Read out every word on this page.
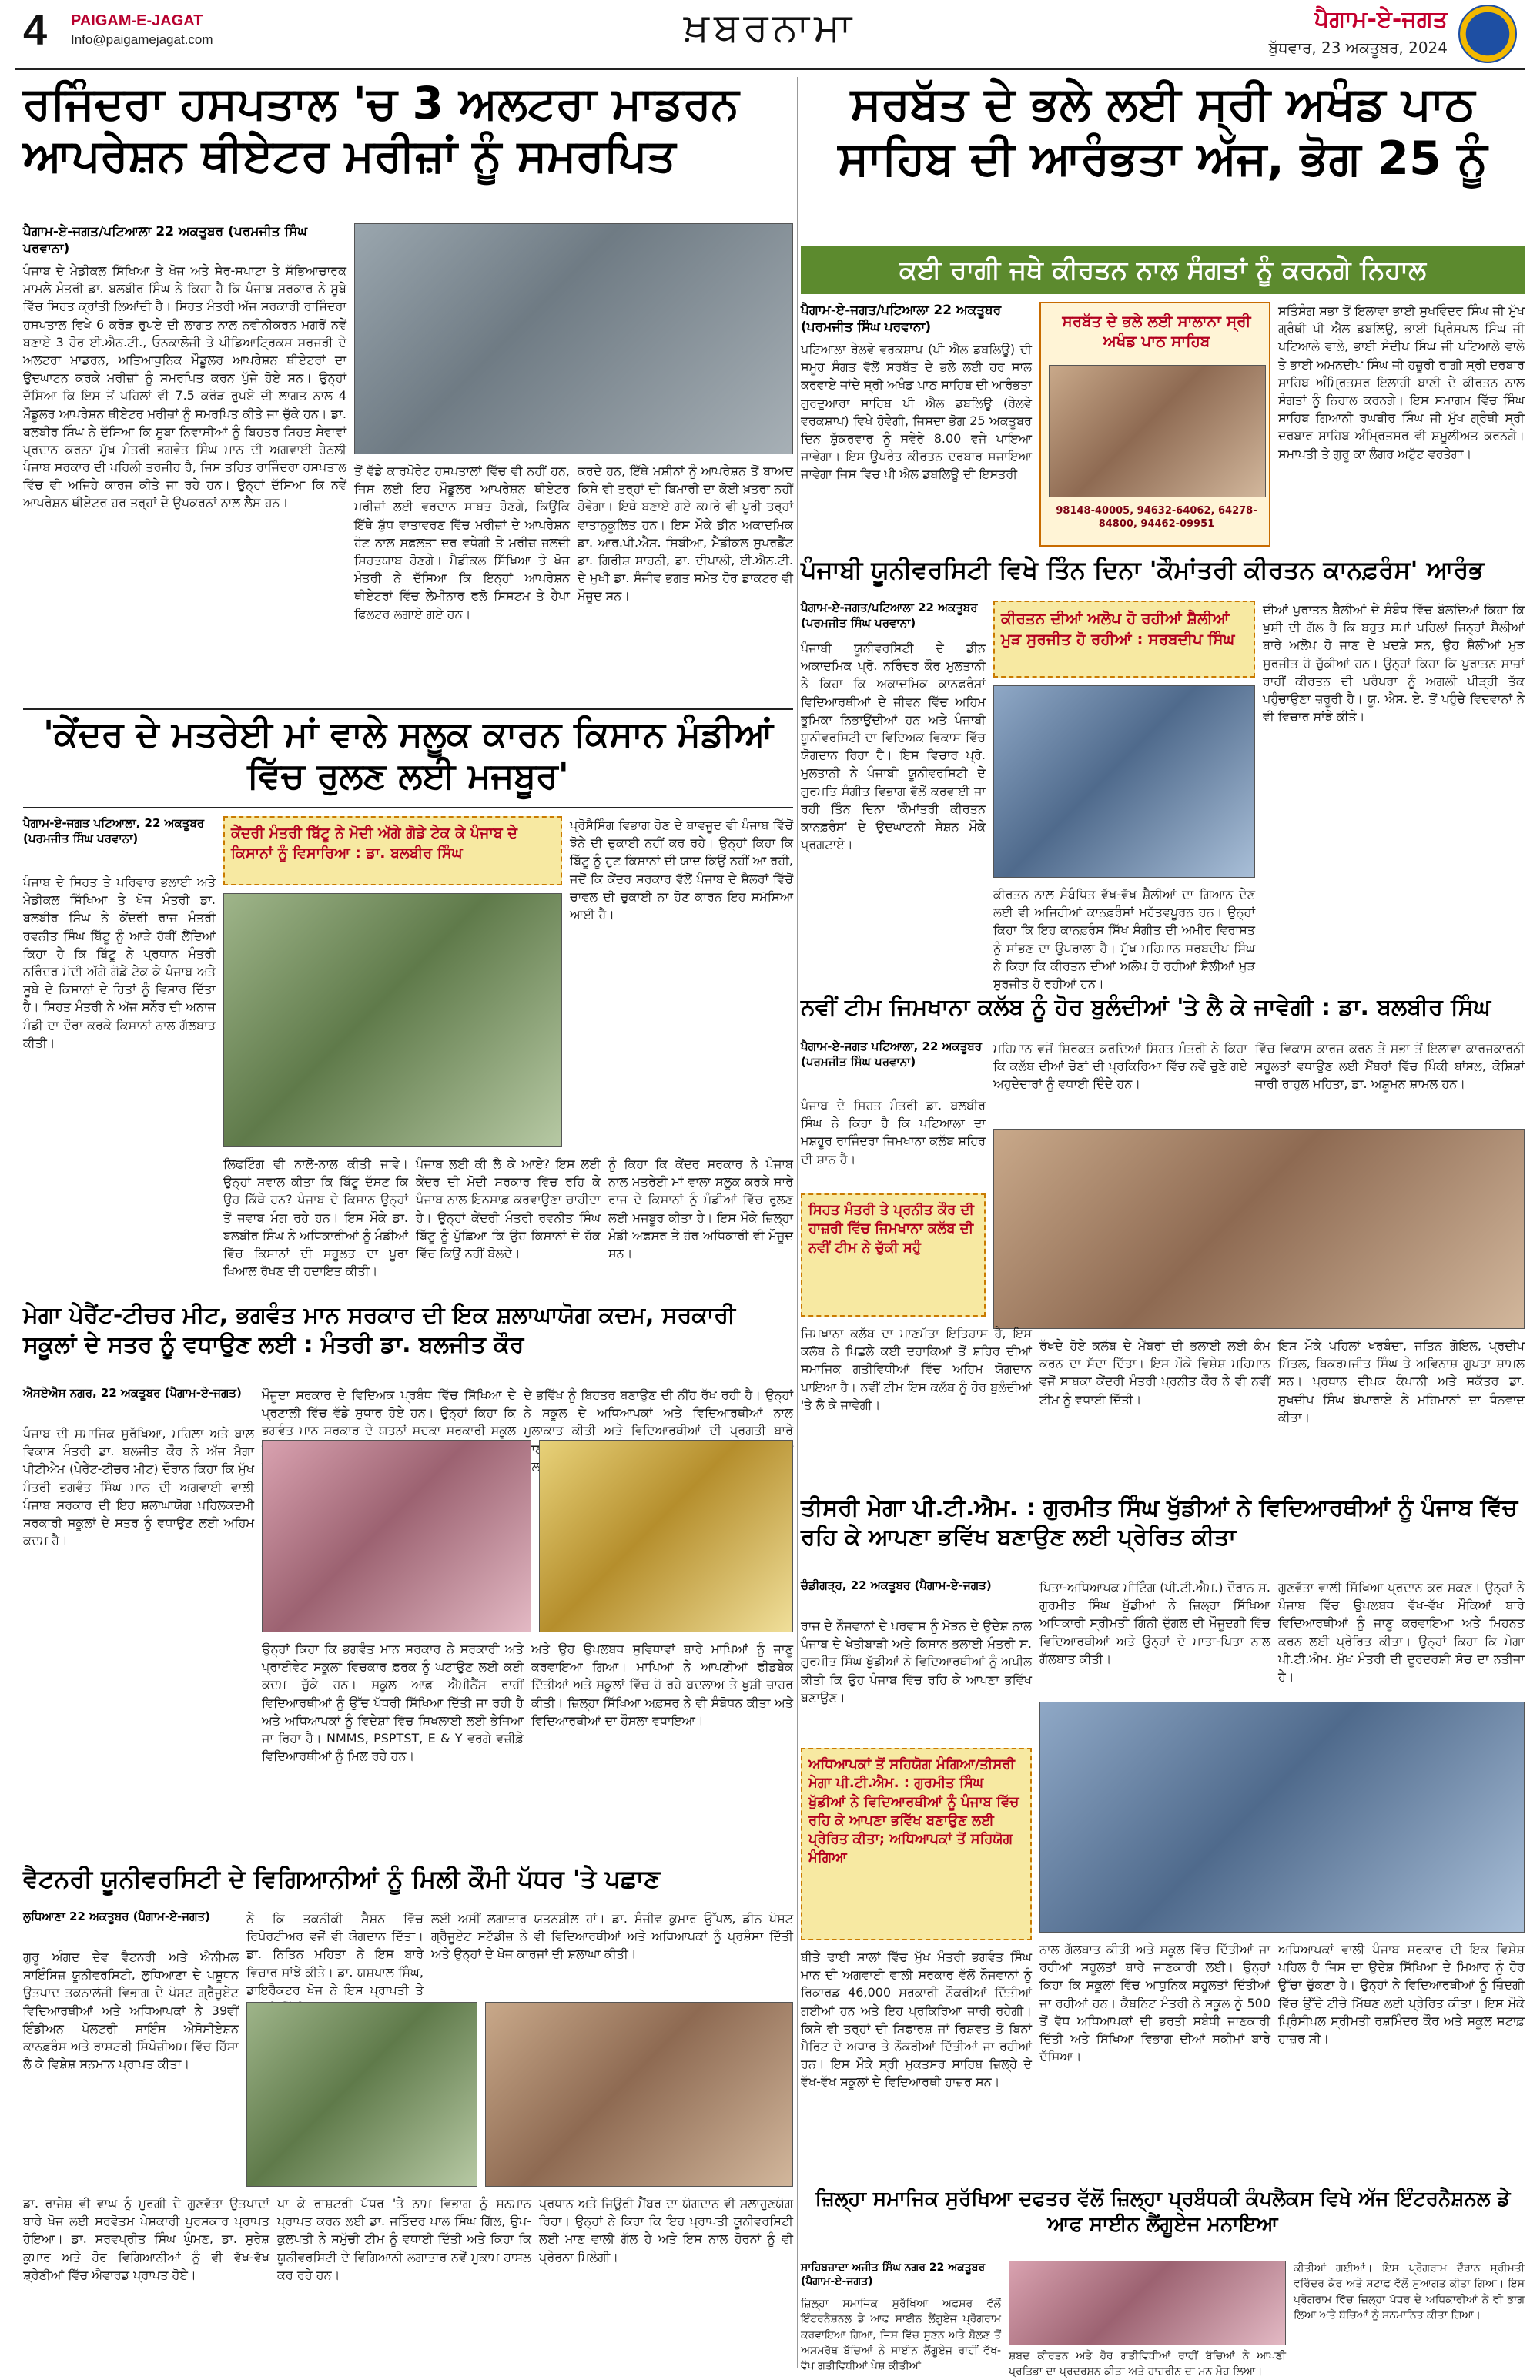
4	PAIGAM-E-JAGAT
Info@paigamejagat.com	ਖ਼ਬਰਨਾਮਾ	ਪੈਗਾਮ-ਏ-ਜਗਤ
ਬੁੱਧਵਾਰ, 23 ਅਕਤੂਬਰ, 2024
ਰਜਿੰਦਰਾ ਹਸਪਤਾਲ 'ਚ 3 ਅਲਟਰਾ ਮਾਡਰਨ ਆਪਰੇਸ਼ਨ ਥੀਏਟਰ ਮਰੀਜ਼ਾਂ ਨੂੰ ਸਮਰਪਿਤ
ਪੈਗਾਮ-ਏ-ਜਗਤ/ਪਟਿਆਲਾ 22 ਅਕਤੂਬਰ (ਪਰਮਜੀਤ ਸਿੰਘ ਪਰਵਾਨਾ)
ਪੰਜਾਬ ਦੇ ਮੈਡੀਕਲ ਸਿੱਖਿਆ ਤੇ ਖੋਜ ਅਤੇ ਸੈਰ-ਸਪਾਟਾ ਤੇ ਸੱਭਿਆਚਾਰਕ ਮਾਮਲੇ ਮੰਤਰੀ ਡਾ. ਬਲਬੀਰ ਸਿੰਘ ਨੇ ਕਿਹਾ ਹੈ ਕਿ ਪੰਜਾਬ ਸਰਕਾਰ ਨੇ ਸੂਬੇ ਵਿੱਚ ਸਿਹਤ ਕ੍ਰਾਂਤੀ ਲਿਆਂਦੀ ਹੈ। ਸਿਹਤ ਮੰਤਰੀ ਅੱਜ ਸਰਕਾਰੀ ਰਾਜਿੰਦਰਾ ਹਸਪਤਾਲ ਵਿਖੇ 6 ਕਰੋੜ ਰੁਪਏ ਦੀ ਲਾਗਤ ਨਾਲ ਨਵੀਨੀਕਰਨ ਮਗਰੋਂ ਨਵੇਂ ਬਣਾਏ 3 ਹੋਰ ਈ.ਐਨ.ਟੀ., ਓਨਕਾਲੋਜੀ ਤੇ ਪੀਡਿਆਟ੍ਰਿਕਸ ਸਰਜਰੀ ਦੇ ਅਲਟਰਾ ਮਾਡਰਨ, ਅਤਿਆਧੁਨਿਕ ਮੌਡੂਲਰ ਆਪਰੇਸ਼ਨ ਥੀਏਟਰਾਂ ਦਾ ਉਦਘਾਟਨ ਕਰਕੇ ਮਰੀਜ਼ਾਂ ਨੂੰ ਸਮਰਪਿਤ ਕਰਨ ਪੁੱਜੇ ਹੋਏ ਸਨ। ਉਨ੍ਹਾਂ ਦੱਸਿਆ ਕਿ ਇਸ ਤੋਂ ਪਹਿਲਾਂ ਵੀ 7.5 ਕਰੋੜ ਰੁਪਏ ਦੀ ਲਾਗਤ ਨਾਲ 4 ਮੌਡੂਲਰ ਆਪਰੇਸ਼ਨ ਥੀਏਟਰ ਮਰੀਜ਼ਾਂ ਨੂੰ ਸਮਰਪਿਤ ਕੀਤੇ ਜਾ ਚੁੱਕੇ ਹਨ। ਡਾ. ਬਲਬੀਰ ਸਿੰਘ ਨੇ ਦੱਸਿਆ ਕਿ ਸੂਬਾ ਨਿਵਾਸੀਆਂ ਨੂੰ ਬਿਹਤਰ ਸਿਹਤ ਸੇਵਾਵਾਂ ਪ੍ਰਦਾਨ ਕਰਨਾ ਮੁੱਖ ਮੰਤਰੀ ਭਗਵੰਤ ਸਿੰਘ ਮਾਨ ਦੀ ਅਗਵਾਈ ਹੇਠਲੀ ਪੰਜਾਬ ਸਰਕਾਰ ਦੀ ਪਹਿਲੀ ਤਰਜੀਹ ਹੈ, ਜਿਸ ਤਹਿਤ ਰਾਜਿੰਦਰਾ ਹਸਪਤਾਲ ਵਿੱਚ ਵੀ ਅਜਿਹੇ ਕਾਰਜ ਕੀਤੇ ਜਾ ਰਹੇ ਹਨ। ਉਨ੍ਹਾਂ ਦੱਸਿਆ ਕਿ ਨਵੇਂ ਆਪਰੇਸ਼ਨ ਥੀਏਟਰ ਹਰ ਤਰ੍ਹਾਂ ਦੇ ਉਪਕਰਨਾਂ ਨਾਲ ਲੈਸ ਹਨ।
ਤੋਂ ਵੱਡੇ ਕਾਰਪੋਰੇਟ ਹਸਪਤਾਲਾਂ ਵਿੱਚ ਵੀ ਨਹੀਂ ਹਨ, ਜਿਸ ਲਈ ਇਹ ਮੌਡੂਲਰ ਆਪਰੇਸ਼ਨ ਥੀਏਟਰ ਮਰੀਜ਼ਾਂ ਲਈ ਵਰਦਾਨ ਸਾਬਤ ਹੋਣਗੇ, ਕਿਉਂਕਿ ਇੱਥੇ ਸ਼ੁੱਧ ਵਾਤਾਵਰਣ ਵਿੱਚ ਮਰੀਜ਼ਾਂ ਦੇ ਆਪਰੇਸ਼ਨ ਹੋਣ ਨਾਲ ਸਫ਼ਲਤਾ ਦਰ ਵਧੇਗੀ ਤੇ ਮਰੀਜ਼ ਜਲਦੀ ਸਿਹਤਯਾਬ ਹੋਣਗੇ। ਮੈਡੀਕਲ ਸਿੱਖਿਆ ਤੇ ਖੋਜ ਮੰਤਰੀ ਨੇ ਦੱਸਿਆ ਕਿ ਇਨ੍ਹਾਂ ਆਪਰੇਸ਼ਨ ਥੀਏਟਰਾਂ ਵਿੱਚ ਲੈਮੀਨਾਰ ਫਲੋ ਸਿਸਟਮ ਤੇ ਹੈਪਾ ਫਿਲਟਰ ਲਗਾਏ ਗਏ ਹਨ।
ਕਰਦੇ ਹਨ, ਇੱਥੇ ਮਸ਼ੀਨਾਂ ਨੂੰ ਆਪਰੇਸ਼ਨ ਤੋਂ ਬਾਅਦ ਕਿਸੇ ਵੀ ਤਰ੍ਹਾਂ ਦੀ ਬਿਮਾਰੀ ਦਾ ਕੋਈ ਖ਼ਤਰਾ ਨਹੀਂ ਹੋਵੇਗਾ। ਇਥੇ ਬਣਾਏ ਗਏ ਕਮਰੇ ਵੀ ਪੂਰੀ ਤਰ੍ਹਾਂ ਵਾਤਾਨੁਕੂਲਿਤ ਹਨ। ਇਸ ਮੌਕੇ ਡੀਨ ਅਕਾਦਮਿਕ ਡਾ. ਆਰ.ਪੀ.ਐਸ. ਸਿਬੀਆ, ਮੈਡੀਕਲ ਸੁਪਰਡੈਂਟ ਡਾ. ਗਿਰੀਸ਼ ਸਾਹਨੀ, ਡਾ. ਦੀਪਾਲੀ, ਈ.ਐਨ.ਟੀ. ਦੇ ਮੁਖੀ ਡਾ. ਸੰਜੀਵ ਭਗਤ ਸਮੇਤ ਹੋਰ ਡਾਕਟਰ ਵੀ ਮੌਜੂਦ ਸਨ।
ਸਰਬੱਤ ਦੇ ਭਲੇ ਲਈ ਸ੍ਰੀ ਅਖੰਡ ਪਾਠ ਸਾਹਿਬ ਦੀ ਆਰੰਭਤਾ ਅੱਜ, ਭੋਗ 25 ਨੂੰ
ਕਈ ਰਾਗੀ ਜਥੇ ਕੀਰਤਨ ਨਾਲ ਸੰਗਤਾਂ ਨੂੰ ਕਰਨਗੇ ਨਿਹਾਲ
ਪੈਗਾਮ-ਏ-ਜਗਤ/ਪਟਿਆਲਾ 22 ਅਕਤੂਬਰ (ਪਰਮਜੀਤ ਸਿੰਘ ਪਰਵਾਨਾ)
ਪਟਿਆਲਾ ਰੇਲਵੇ ਵਰਕਸ਼ਾਪ (ਪੀ ਐਲ ਡਬਲਿਊ) ਦੀ ਸਮੂਹ ਸੰਗਤ ਵੱਲੋਂ ਸਰਬੱਤ ਦੇ ਭਲੇ ਲਈ ਹਰ ਸਾਲ ਕਰਵਾਏ ਜਾਂਦੇ ਸ੍ਰੀ ਅਖੰਡ ਪਾਠ ਸਾਹਿਬ ਦੀ ਆਰੰਭਤਾ ਗੁਰਦੁਆਰਾ ਸਾਹਿਬ ਪੀ ਐਲ ਡਬਲਿਊ (ਰੇਲਵੇ ਵਰਕਸ਼ਾਪ) ਵਿਖੇ ਹੋਵੇਗੀ, ਜਿਸਦਾ ਭੋਗ 25 ਅਕਤੂਬਰ ਦਿਨ ਸ਼ੁੱਕਰਵਾਰ ਨੂੰ ਸਵੇਰੇ 8.00 ਵਜੇ ਪਾਇਆ ਜਾਵੇਗਾ। ਇਸ ਉਪਰੰਤ ਕੀਰਤਨ ਦਰਬਾਰ ਸਜਾਇਆ ਜਾਵੇਗਾ ਜਿਸ ਵਿਚ ਪੀ ਐਲ ਡਬਲਿਊ ਦੀ ਇਸਤਰੀ
ਸਰਬੱਤ ਦੇ ਭਲੇ ਲਈ ਸਾਲਾਨਾ ਸ੍ਰੀ ਅਖੰਡ ਪਾਠ ਸਾਹਿਬ
98148-40005, 94632-64062, 64278-84800, 94462-09951
ਸਤਿੰਸੰਗ ਸਭਾ ਤੋਂ ਇਲਾਵਾ ਭਾਈ ਸੁਖਵਿੰਦਰ ਸਿੰਘ ਜੀ ਮੁੱਖ ਗ੍ਰੰਥੀ ਪੀ ਐਲ ਡਬਲਿਊ, ਭਾਈ ਪ੍ਰਿੰਸਪਲ ਸਿੰਘ ਜੀ ਪਟਿਆਲੇ ਵਾਲੇ, ਭਾਈ ਸੰਦੀਪ ਸਿੰਘ ਜੀ ਪਟਿਆਲੇ ਵਾਲੇ ਤੇ ਭਾਈ ਅਮਨਦੀਪ ਸਿੰਘ ਜੀ ਹਜ਼ੂਰੀ ਰਾਗੀ ਸ੍ਰੀ ਦਰਬਾਰ ਸਾਹਿਬ ਅੰਮ੍ਰਿਤਸਰ ਇਲਾਹੀ ਬਾਣੀ ਦੇ ਕੀਰਤਨ ਨਾਲ ਸੰਗਤਾਂ ਨੂੰ ਨਿਹਾਲ ਕਰਨਗੇ। ਇਸ ਸਮਾਗਮ ਵਿੱਚ ਸਿੰਘ ਸਾਹਿਬ ਗਿਆਨੀ ਰਘਬੀਰ ਸਿੰਘ ਜੀ ਮੁੱਖ ਗ੍ਰੰਥੀ ਸ੍ਰੀ ਦਰਬਾਰ ਸਾਹਿਬ ਅੰਮ੍ਰਿਤਸਰ ਵੀ ਸ਼ਮੂਲੀਅਤ ਕਰਨਗੇ। ਸਮਾਪਤੀ ਤੇ ਗੁਰੂ ਕਾ ਲੰਗਰ ਅਟੁੱਟ ਵਰਤੇਗਾ।
ਪੰਜਾਬੀ ਯੂਨੀਵਰਸਿਟੀ ਵਿਖੇ ਤਿੰਨ ਦਿਨਾ 'ਕੌਮਾਂਤਰੀ ਕੀਰਤਨ ਕਾਨਫ਼ਰੰਸ' ਆਰੰਭ
ਪੈਗਾਮ-ਏ-ਜਗਤ/ਪਟਿਆਲਾ 22 ਅਕਤੂਬਰ (ਪਰਮਜੀਤ ਸਿੰਘ ਪਰਵਾਨਾ)
ਪੰਜਾਬੀ ਯੂਨੀਵਰਸਿਟੀ ਦੇ ਡੀਨ ਅਕਾਦਮਿਕ ਪ੍ਰੋ. ਨਰਿੰਦਰ ਕੌਰ ਮੁਲਤਾਨੀ ਨੇ ਕਿਹਾ ਕਿ ਅਕਾਦਮਿਕ ਕਾਨਫ਼ਰੰਸਾਂ ਵਿਦਿਆਰਥੀਆਂ ਦੇ ਜੀਵਨ ਵਿੱਚ ਅਹਿਮ ਭੂਮਿਕਾ ਨਿਭਾਉਂਦੀਆਂ ਹਨ ਅਤੇ ਪੰਜਾਬੀ ਯੂਨੀਵਰਸਿਟੀ ਦਾ ਵਿਦਿਅਕ ਵਿਕਾਸ ਵਿੱਚ ਯੋਗਦਾਨ ਰਿਹਾ ਹੈ। ਇਸ ਵਿਚਾਰ ਪ੍ਰੋ. ਮੁਲਤਾਨੀ ਨੇ ਪੰਜਾਬੀ ਯੂਨੀਵਰਸਿਟੀ ਦੇ ਗੁਰਮਤਿ ਸੰਗੀਤ ਵਿਭਾਗ ਵੱਲੋਂ ਕਰਵਾਈ ਜਾ ਰਹੀ ਤਿੰਨ ਦਿਨਾ 'ਕੌਮਾਂਤਰੀ ਕੀਰਤਨ ਕਾਨਫ਼ਰੰਸ' ਦੇ ਉਦਘਾਟਨੀ ਸੈਸ਼ਨ ਮੌਕੇ ਪ੍ਰਗਟਾਏ।
ਕੀਰਤਨ ਦੀਆਂ ਅਲੋਪ ਹੋ ਰਹੀਆਂ ਸ਼ੈਲੀਆਂ ਮੁੜ ਸੁਰਜੀਤ ਹੋ ਰਹੀਆਂ : ਸਰਬਦੀਪ ਸਿੰਘ
ਕੀਰਤਨ ਨਾਲ ਸੰਬੰਧਿਤ ਵੱਖ-ਵੱਖ ਸ਼ੈਲੀਆਂ ਦਾ ਗਿਆਨ ਦੇਣ ਲਈ ਵੀ ਅਜਿਹੀਆਂ ਕਾਨਫ਼ਰੰਸਾਂ ਮਹੱਤਵਪੂਰਨ ਹਨ। ਉਨ੍ਹਾਂ ਕਿਹਾ ਕਿ ਇਹ ਕਾਨਫ਼ਰੰਸ ਸਿੱਖ ਸੰਗੀਤ ਦੀ ਅਮੀਰ ਵਿਰਾਸਤ ਨੂੰ ਸਾਂਭਣ ਦਾ ਉਪਰਾਲਾ ਹੈ। ਮੁੱਖ ਮਹਿਮਾਨ ਸਰਬਦੀਪ ਸਿੰਘ ਨੇ ਕਿਹਾ ਕਿ ਕੀਰਤਨ ਦੀਆਂ ਅਲੋਪ ਹੋ ਰਹੀਆਂ ਸ਼ੈਲੀਆਂ ਮੁੜ ਸੁਰਜੀਤ ਹੋ ਰਹੀਆਂ ਹਨ।
ਦੀਆਂ ਪੁਰਾਤਨ ਸ਼ੈਲੀਆਂ ਦੇ ਸੰਬੰਧ ਵਿੱਚ ਬੋਲਦਿਆਂ ਕਿਹਾ ਕਿ ਖ਼ੁਸ਼ੀ ਦੀ ਗੱਲ ਹੈ ਕਿ ਬਹੁਤ ਸਮਾਂ ਪਹਿਲਾਂ ਜਿਨ੍ਹਾਂ ਸ਼ੈਲੀਆਂ ਬਾਰੇ ਅਲੋਪ ਹੋ ਜਾਣ ਦੇ ਖ਼ਦਸ਼ੇ ਸਨ, ਉਹ ਸ਼ੈਲੀਆਂ ਮੁੜ ਸੁਰਜੀਤ ਹੋ ਚੁੱਕੀਆਂ ਹਨ। ਉਨ੍ਹਾਂ ਕਿਹਾ ਕਿ ਪੁਰਾਤਨ ਸਾਜ਼ਾਂ ਰਾਹੀਂ ਕੀਰਤਨ ਦੀ ਪਰੰਪਰਾ ਨੂੰ ਅਗਲੀ ਪੀੜ੍ਹੀ ਤੱਕ ਪਹੁੰਚਾਉਣਾ ਜ਼ਰੂਰੀ ਹੈ। ਯੂ. ਐਸ. ਏ. ਤੋਂ ਪਹੁੰਚੇ ਵਿਦਵਾਨਾਂ ਨੇ ਵੀ ਵਿਚਾਰ ਸਾਂਝੇ ਕੀਤੇ।
'ਕੇਂਦਰ ਦੇ ਮਤਰੇਈ ਮਾਂ ਵਾਲੇ ਸਲੂਕ ਕਾਰਨ ਕਿਸਾਨ ਮੰਡੀਆਂ ਵਿੱਚ ਰੁਲਣ ਲਈ ਮਜਬੂਰ'
ਪੈਗਾਮ-ਏ-ਜਗਤ ਪਟਿਆਲਾ, 22 ਅਕਤੂਬਰ (ਪਰਮਜੀਤ ਸਿੰਘ ਪਰਵਾਨਾ)
ਪੰਜਾਬ ਦੇ ਸਿਹਤ ਤੇ ਪਰਿਵਾਰ ਭਲਾਈ ਅਤੇ ਮੈਡੀਕਲ ਸਿੱਖਿਆ ਤੇ ਖੋਜ ਮੰਤਰੀ ਡਾ. ਬਲਬੀਰ ਸਿੰਘ ਨੇ ਕੇਂਦਰੀ ਰਾਜ ਮੰਤਰੀ ਰਵਨੀਤ ਸਿੰਘ ਬਿੱਟੂ ਨੂੰ ਆੜੇ ਹੱਥੀਂ ਲੈਂਦਿਆਂ ਕਿਹਾ ਹੈ ਕਿ ਬਿੱਟੂ ਨੇ ਪ੍ਰਧਾਨ ਮੰਤਰੀ ਨਰਿੰਦਰ ਮੋਦੀ ਅੱਗੇ ਗੋਡੇ ਟੇਕ ਕੇ ਪੰਜਾਬ ਅਤੇ ਸੂਬੇ ਦੇ ਕਿਸਾਨਾਂ ਦੇ ਹਿਤਾਂ ਨੂੰ ਵਿਸਾਰ ਦਿੱਤਾ ਹੈ। ਸਿਹਤ ਮੰਤਰੀ ਨੇ ਅੱਜ ਸਨੌਰ ਦੀ ਅਨਾਜ ਮੰਡੀ ਦਾ ਦੌਰਾ ਕਰਕੇ ਕਿਸਾਨਾਂ ਨਾਲ ਗੱਲਬਾਤ ਕੀਤੀ।
ਕੇਂਦਰੀ ਮੰਤਰੀ ਬਿੱਟੂ ਨੇ ਮੋਦੀ ਅੱਗੇ ਗੋਡੇ ਟੇਕ ਕੇ ਪੰਜਾਬ ਦੇ ਕਿਸਾਨਾਂ ਨੂੰ ਵਿਸਾਰਿਆ : ਡਾ. ਬਲਬੀਰ ਸਿੰਘ
ਪ੍ਰੋਸੈਸਿੰਗ ਵਿਭਾਗ ਹੋਣ ਦੇ ਬਾਵਜੂਦ ਵੀ ਪੰਜਾਬ ਵਿੱਚੋਂ ਝੋਨੇ ਦੀ ਚੁਕਾਈ ਨਹੀਂ ਕਰ ਰਹੇ। ਉਨ੍ਹਾਂ ਕਿਹਾ ਕਿ ਬਿੱਟੂ ਨੂੰ ਹੁਣ ਕਿਸਾਨਾਂ ਦੀ ਯਾਦ ਕਿਉਂ ਨਹੀਂ ਆ ਰਹੀ, ਜਦੋਂ ਕਿ ਕੇਂਦਰ ਸਰਕਾਰ ਵੱਲੋਂ ਪੰਜਾਬ ਦੇ ਸ਼ੈਲਰਾਂ ਵਿੱਚੋਂ ਚਾਵਲ ਦੀ ਚੁਕਾਈ ਨਾ ਹੋਣ ਕਾਰਨ ਇਹ ਸਮੱਸਿਆ ਆਈ ਹੈ।
ਲਿਫਟਿੰਗ ਵੀ ਨਾਲੋ-ਨਾਲ ਕੀਤੀ ਜਾਵੇ। ਉਨ੍ਹਾਂ ਸਵਾਲ ਕੀਤਾ ਕਿ ਬਿੱਟੂ ਦੱਸਣ ਕਿ ਉਹ ਕਿੱਥੇ ਹਨ? ਪੰਜਾਬ ਦੇ ਕਿਸਾਨ ਉਨ੍ਹਾਂ ਤੋਂ ਜਵਾਬ ਮੰਗ ਰਹੇ ਹਨ। ਇਸ ਮੌਕੇ ਡਾ. ਬਲਬੀਰ ਸਿੰਘ ਨੇ ਅਧਿਕਾਰੀਆਂ ਨੂੰ ਮੰਡੀਆਂ ਵਿੱਚ ਕਿਸਾਨਾਂ ਦੀ ਸਹੂਲਤ ਦਾ ਪੂਰਾ ਖਿਆਲ ਰੱਖਣ ਦੀ ਹਦਾਇਤ ਕੀਤੀ।
ਪੰਜਾਬ ਲਈ ਕੀ ਲੈ ਕੇ ਆਏ? ਇਸ ਲਈ ਕੇਂਦਰ ਦੀ ਮੋਦੀ ਸਰਕਾਰ ਵਿੱਚ ਰਹਿ ਕੇ ਪੰਜਾਬ ਨਾਲ ਇਨਸਾਫ਼ ਕਰਵਾਉਣਾ ਚਾਹੀਦਾ ਹੈ। ਉਨ੍ਹਾਂ ਕੇਂਦਰੀ ਮੰਤਰੀ ਰਵਨੀਤ ਸਿੰਘ ਬਿੱਟੂ ਨੂੰ ਪੁੱਛਿਆ ਕਿ ਉਹ ਕਿਸਾਨਾਂ ਦੇ ਹੱਕ ਵਿੱਚ ਕਿਉਂ ਨਹੀਂ ਬੋਲਦੇ।
ਨੂੰ ਕਿਹਾ ਕਿ ਕੇਂਦਰ ਸਰਕਾਰ ਨੇ ਪੰਜਾਬ ਨਾਲ ਮਤਰੇਈ ਮਾਂ ਵਾਲਾ ਸਲੂਕ ਕਰਕੇ ਸਾਰੇ ਰਾਜ ਦੇ ਕਿਸਾਨਾਂ ਨੂੰ ਮੰਡੀਆਂ ਵਿੱਚ ਰੁਲਣ ਲਈ ਮਜਬੂਰ ਕੀਤਾ ਹੈ। ਇਸ ਮੌਕੇ ਜ਼ਿਲ੍ਹਾ ਮੰਡੀ ਅਫ਼ਸਰ ਤੇ ਹੋਰ ਅਧਿਕਾਰੀ ਵੀ ਮੌਜੂਦ ਸਨ।
ਨਵੀਂ ਟੀਮ ਜਿਮਖਾਨਾ ਕਲੱਬ ਨੂੰ ਹੋਰ ਬੁਲੰਦੀਆਂ 'ਤੇ ਲੈ ਕੇ ਜਾਵੇਗੀ : ਡਾ. ਬਲਬੀਰ ਸਿੰਘ
ਪੈਗਾਮ-ਏ-ਜਗਤ ਪਟਿਆਲਾ, 22 ਅਕਤੂਬਰ (ਪਰਮਜੀਤ ਸਿੰਘ ਪਰਵਾਨਾ)
ਪੰਜਾਬ ਦੇ ਸਿਹਤ ਮੰਤਰੀ ਡਾ. ਬਲਬੀਰ ਸਿੰਘ ਨੇ ਕਿਹਾ ਹੈ ਕਿ ਪਟਿਆਲਾ ਦਾ ਮਸ਼ਹੂਰ ਰਾਜਿੰਦਰਾ ਜਿਮਖਾਨਾ ਕਲੱਬ ਸ਼ਹਿਰ ਦੀ ਸ਼ਾਨ ਹੈ।
ਸਿਹਤ ਮੰਤਰੀ ਤੇ ਪ੍ਰਨੀਤ ਕੌਰ ਦੀ ਹਾਜ਼ਰੀ ਵਿੱਚ ਜਿਮਖਾਨਾ ਕਲੱਬ ਦੀ ਨਵੀਂ ਟੀਮ ਨੇ ਚੁੱਕੀ ਸਹੁੰ
ਮਹਿਮਾਨ ਵਜੋਂ ਸ਼ਿਰਕਤ ਕਰਦਿਆਂ ਸਿਹਤ ਮੰਤਰੀ ਨੇ ਕਿਹਾ ਕਿ ਕਲੱਬ ਦੀਆਂ ਚੋਣਾਂ ਦੀ ਪ੍ਰਕਿਰਿਆ ਵਿੱਚ ਨਵੇਂ ਚੁਣੇ ਗਏ ਅਹੁਦੇਦਾਰਾਂ ਨੂੰ ਵਧਾਈ ਦਿੰਦੇ ਹਨ।
ਵਿੱਚ ਵਿਕਾਸ ਕਾਰਜ ਕਰਨ ਤੇ ਸਭਾ ਤੋਂ ਇਲਾਵਾ ਕਾਰਜਕਾਰਨੀ ਸਹੂਲਤਾਂ ਵਧਾਉਣ ਲਈ ਮੈਂਬਰਾਂ ਵਿੱਚ ਪਿੰਕੀ ਬਾਂਸਲ, ਕੋਸ਼ਿਸ਼ਾਂ ਜਾਰੀ ਰਾਹੁਲ ਮਹਿਤਾ, ਡਾ. ਅਸ਼ੂਮਨ ਸ਼ਾਮਲ ਹਨ।
ਜਿਮਖਾਨਾ ਕਲੱਬ ਦਾ ਮਾਣਮੱਤਾ ਇਤਿਹਾਸ ਹੈ, ਇਸ ਕਲੱਬ ਨੇ ਪਿਛਲੇ ਕਈ ਦਹਾਕਿਆਂ ਤੋਂ ਸ਼ਹਿਰ ਦੀਆਂ ਸਮਾਜਿਕ ਗਤੀਵਿਧੀਆਂ ਵਿੱਚ ਅਹਿਮ ਯੋਗਦਾਨ ਪਾਇਆ ਹੈ। ਨਵੀਂ ਟੀਮ ਇਸ ਕਲੱਬ ਨੂੰ ਹੋਰ ਬੁਲੰਦੀਆਂ 'ਤੇ ਲੈ ਕੇ ਜਾਵੇਗੀ।
ਰੱਖਦੇ ਹੋਏ ਕਲੱਬ ਦੇ ਮੈਂਬਰਾਂ ਦੀ ਭਲਾਈ ਲਈ ਕੰਮ ਕਰਨ ਦਾ ਸੱਦਾ ਦਿੱਤਾ। ਇਸ ਮੌਕੇ ਵਿਸ਼ੇਸ਼ ਮਹਿਮਾਨ ਵਜੋਂ ਸਾਬਕਾ ਕੇਂਦਰੀ ਮੰਤਰੀ ਪ੍ਰਨੀਤ ਕੌਰ ਨੇ ਵੀ ਨਵੀਂ ਟੀਮ ਨੂੰ ਵਧਾਈ ਦਿੱਤੀ।
ਇਸ ਮੌਕੇ ਪਹਿਲਾਂ ਖਰਬੰਦਾ, ਜਤਿਨ ਗੋਇਲ, ਪ੍ਰਦੀਪ ਮਿੱਤਲ, ਬਿਕਰਮਜੀਤ ਸਿੰਘ ਤੇ ਅਵਿਨਾਸ਼ ਗੁਪਤਾ ਸ਼ਾਮਲ ਸਨ। ਪ੍ਰਧਾਨ ਦੀਪਕ ਕੰਪਾਨੀ ਅਤੇ ਸਕੱਤਰ ਡਾ. ਸੁਖਦੀਪ ਸਿੰਘ ਬੋਪਾਰਾਏ ਨੇ ਮਹਿਮਾਨਾਂ ਦਾ ਧੰਨਵਾਦ ਕੀਤਾ।
ਮੇਗਾ ਪੇਰੈਂਟ-ਟੀਚਰ ਮੀਟ, ਭਗਵੰਤ ਮਾਨ ਸਰਕਾਰ ਦੀ ਇਕ ਸ਼ਲਾਘਾਯੋਗ ਕਦਮ, ਸਰਕਾਰੀ ਸਕੂਲਾਂ ਦੇ ਸਤਰ ਨੂੰ ਵਧਾਉਣ ਲਈ : ਮੰਤਰੀ ਡਾ. ਬਲਜੀਤ ਕੌਰ
ਐਸਏਐਸ ਨਗਰ, 22 ਅਕਤੂਬਰ (ਪੈਗਾਮ-ਏ-ਜਗਤ)
ਪੰਜਾਬ ਦੀ ਸਮਾਜਿਕ ਸੁਰੱਖਿਆ, ਮਹਿਲਾ ਅਤੇ ਬਾਲ ਵਿਕਾਸ ਮੰਤਰੀ ਡਾ. ਬਲਜੀਤ ਕੌਰ ਨੇ ਅੱਜ ਮੈਗਾ ਪੀਟੀਐਮ (ਪੇਰੈਂਟ-ਟੀਚਰ ਮੀਟ) ਦੌਰਾਨ ਕਿਹਾ ਕਿ ਮੁੱਖ ਮੰਤਰੀ ਭਗਵੰਤ ਸਿੰਘ ਮਾਨ ਦੀ ਅਗਵਾਈ ਵਾਲੀ ਪੰਜਾਬ ਸਰਕਾਰ ਦੀ ਇਹ ਸ਼ਲਾਘਾਯੋਗ ਪਹਿਲਕਦਮੀ ਸਰਕਾਰੀ ਸਕੂਲਾਂ ਦੇ ਸਤਰ ਨੂੰ ਵਧਾਉਣ ਲਈ ਅਹਿਮ ਕਦਮ ਹੈ।
ਮੌਜੂਦਾ ਸਰਕਾਰ ਦੇ ਵਿਦਿਅਕ ਪ੍ਰਬੰਧ ਵਿੱਚ ਸਿੱਖਿਆ ਦੇ ਪ੍ਰਣਾਲੀ ਵਿੱਚ ਵੱਡੇ ਸੁਧਾਰ ਹੋਏ ਹਨ। ਉਨ੍ਹਾਂ ਕਿਹਾ ਕਿ ਭਗਵੰਤ ਮਾਨ ਸਰਕਾਰ ਦੇ ਯਤਨਾਂ ਸਦਕਾ ਸਰਕਾਰੀ ਸਕੂਲ
ਦੇ ਭਵਿੱਖ ਨੂੰ ਬਿਹਤਰ ਬਣਾਉਣ ਦੀ ਨੀਂਹ ਰੱਖ ਰਹੀ ਹੈ। ਉਨ੍ਹਾਂ ਨੇ ਸਕੂਲ ਦੇ ਅਧਿਆਪਕਾਂ ਅਤੇ ਵਿਦਿਆਰਥੀਆਂ ਨਾਲ ਮੁਲਾਕਾਤ ਕੀਤੀ ਅਤੇ ਵਿਦਿਆਰਥੀਆਂ ਦੀ ਪ੍ਰਗਤੀ ਬਾਰੇ
ਉਨ੍ਹਾਂ ਕਿਹਾ ਕਿ ਭਗਵੰਤ ਮਾਨ ਸਰਕਾਰ ਨੇ ਸਰਕਾਰੀ ਅਤੇ ਪ੍ਰਾਈਵੇਟ ਸਕੂਲਾਂ ਵਿਚਕਾਰ ਫ਼ਰਕ ਨੂੰ ਘਟਾਉਣ ਲਈ ਕਈ ਕਦਮ ਚੁੱਕੇ ਹਨ। ਸਕੂਲ ਆਫ਼ ਐਮੀਨੈਂਸ ਰਾਹੀਂ ਵਿਦਿਆਰਥੀਆਂ ਨੂੰ ਉੱਚ ਪੱਧਰੀ ਸਿੱਖਿਆ ਦਿੱਤੀ ਜਾ ਰਹੀ ਹੈ ਅਤੇ ਅਧਿਆਪਕਾਂ ਨੂੰ ਵਿਦੇਸ਼ਾਂ ਵਿੱਚ ਸਿਖਲਾਈ ਲਈ ਭੇਜਿਆ ਜਾ ਰਿਹਾ ਹੈ। NMMS, PSPTST, E & Y ਵਰਗੇ ਵਜ਼ੀਫ਼ੇ ਵਿਦਿਆਰਥੀਆਂ ਨੂੰ ਮਿਲ ਰਹੇ ਹਨ।
ਅਤੇ ਉਹ ਉਪਲਬਧ ਸੁਵਿਧਾਵਾਂ ਬਾਰੇ ਮਾਪਿਆਂ ਨੂੰ ਜਾਣੂ ਕਰਵਾਇਆ ਗਿਆ। ਮਾਪਿਆਂ ਨੇ ਆਪਣੀਆਂ ਫੀਡਬੈਕ ਦਿੱਤੀਆਂ ਅਤੇ ਸਕੂਲਾਂ ਵਿੱਚ ਹੋ ਰਹੇ ਬਦਲਾਅ ਤੇ ਖੁਸ਼ੀ ਜ਼ਾਹਰ ਕੀਤੀ। ਜ਼ਿਲ੍ਹਾ ਸਿੱਖਿਆ ਅਫ਼ਸਰ ਨੇ ਵੀ ਸੰਬੋਧਨ ਕੀਤਾ ਅਤੇ ਵਿਦਿਆਰਥੀਆਂ ਦਾ ਹੌਸਲਾ ਵਧਾਇਆ।
ਤੀਸਰੀ ਮੇਗਾ ਪੀ.ਟੀ.ਐਮ. : ਗੁਰਮੀਤ ਸਿੰਘ ਖੁੱਡੀਆਂ ਨੇ ਵਿਦਿਆਰਥੀਆਂ ਨੂੰ ਪੰਜਾਬ ਵਿੱਚ ਰਹਿ ਕੇ ਆਪਣਾ ਭਵਿੱਖ ਬਣਾਉਣ ਲਈ ਪ੍ਰੇਰਿਤ ਕੀਤਾ
ਚੰਡੀਗੜ੍ਹ, 22 ਅਕਤੂਬਰ (ਪੈਗਾਮ-ਏ-ਜਗਤ)
ਰਾਜ ਦੇ ਨੌਜਵਾਨਾਂ ਦੇ ਪਰਵਾਸ ਨੂੰ ਮੋੜਨ ਦੇ ਉਦੇਸ਼ ਨਾਲ ਪੰਜਾਬ ਦੇ ਖੇਤੀਬਾੜੀ ਅਤੇ ਕਿਸਾਨ ਭਲਾਈ ਮੰਤਰੀ ਸ. ਗੁਰਮੀਤ ਸਿੰਘ ਖੁੱਡੀਆਂ ਨੇ ਵਿਦਿਆਰਥੀਆਂ ਨੂੰ ਅਪੀਲ ਕੀਤੀ ਕਿ ਉਹ ਪੰਜਾਬ ਵਿੱਚ ਰਹਿ ਕੇ ਆਪਣਾ ਭਵਿੱਖ ਬਣਾਉਣ।
ਅਧਿਆਪਕਾਂ ਤੋਂ ਸਹਿਯੋਗ ਮੰਗਿਆ/ਤੀਸਰੀ ਮੇਗਾ ਪੀ.ਟੀ.ਐਮ. : ਗੁਰਮੀਤ ਸਿੰਘ ਖੁੱਡੀਆਂ ਨੇ ਵਿਦਿਆਰਥੀਆਂ ਨੂੰ ਪੰਜਾਬ ਵਿੱਚ ਰਹਿ ਕੇ ਆਪਣਾ ਭਵਿੱਖ ਬਣਾਉਣ ਲਈ ਪ੍ਰੇਰਿਤ ਕੀਤਾ; ਅਧਿਆਪਕਾਂ ਤੋਂ ਸਹਿਯੋਗ ਮੰਗਿਆ
ਪਿਤਾ-ਅਧਿਆਪਕ ਮੀਟਿੰਗ (ਪੀ.ਟੀ.ਐਮ.) ਦੌਰਾਨ ਸ. ਗੁਰਮੀਤ ਸਿੰਘ ਖੁੱਡੀਆਂ ਨੇ ਜ਼ਿਲ੍ਹਾ ਸਿੱਖਿਆ ਅਧਿਕਾਰੀ ਸ੍ਰੀਮਤੀ ਗਿੰਨੀ ਦੁੱਗਲ ਦੀ ਮੌਜੂਦਗੀ ਵਿੱਚ ਵਿਦਿਆਰਥੀਆਂ ਅਤੇ ਉਨ੍ਹਾਂ ਦੇ ਮਾਤਾ-ਪਿਤਾ ਨਾਲ ਗੱਲਬਾਤ ਕੀਤੀ।
ਗੁਣਵੱਤਾ ਵਾਲੀ ਸਿੱਖਿਆ ਪ੍ਰਦਾਨ ਕਰ ਸਕਣ। ਉਨ੍ਹਾਂ ਨੇ ਪੰਜਾਬ ਵਿੱਚ ਉਪਲਬਧ ਵੱਖ-ਵੱਖ ਮੌਕਿਆਂ ਬਾਰੇ ਵਿਦਿਆਰਥੀਆਂ ਨੂੰ ਜਾਣੂ ਕਰਵਾਇਆ ਅਤੇ ਮਿਹਨਤ ਕਰਨ ਲਈ ਪ੍ਰੇਰਿਤ ਕੀਤਾ। ਉਨ੍ਹਾਂ ਕਿਹਾ ਕਿ ਮੇਗਾ ਪੀ.ਟੀ.ਐਮ. ਮੁੱਖ ਮੰਤਰੀ ਦੀ ਦੂਰਦਰਸ਼ੀ ਸੋਚ ਦਾ ਨਤੀਜਾ ਹੈ।
ਬੀਤੇ ਢਾਈ ਸਾਲਾਂ ਵਿੱਚ ਮੁੱਖ ਮੰਤਰੀ ਭਗਵੰਤ ਸਿੰਘ ਮਾਨ ਦੀ ਅਗਵਾਈ ਵਾਲੀ ਸਰਕਾਰ ਵੱਲੋਂ ਨੌਜਵਾਨਾਂ ਨੂੰ ਰਿਕਾਰਡ 46,000 ਸਰਕਾਰੀ ਨੌਕਰੀਆਂ ਦਿੱਤੀਆਂ ਗਈਆਂ ਹਨ ਅਤੇ ਇਹ ਪ੍ਰਕਿਰਿਆ ਜਾਰੀ ਰਹੇਗੀ। ਕਿਸੇ ਵੀ ਤਰ੍ਹਾਂ ਦੀ ਸਿਫਾਰਸ਼ ਜਾਂ ਰਿਸ਼ਵਤ ਤੋਂ ਬਿਨਾਂ ਮੈਰਿਟ ਦੇ ਅਧਾਰ ਤੇ ਨੌਕਰੀਆਂ ਦਿੱਤੀਆਂ ਜਾ ਰਹੀਆਂ ਹਨ। ਇਸ ਮੌਕੇ ਸ੍ਰੀ ਮੁਕਤਸਰ ਸਾਹਿਬ ਜ਼ਿਲ੍ਹੇ ਦੇ ਵੱਖ-ਵੱਖ ਸਕੂਲਾਂ ਦੇ ਵਿਦਿਆਰਥੀ ਹਾਜ਼ਰ ਸਨ।
ਨਾਲ ਗੱਲਬਾਤ ਕੀਤੀ ਅਤੇ ਸਕੂਲ ਵਿੱਚ ਦਿੱਤੀਆਂ ਜਾ ਰਹੀਆਂ ਸਹੂਲਤਾਂ ਬਾਰੇ ਜਾਣਕਾਰੀ ਲਈ। ਉਨ੍ਹਾਂ ਕਿਹਾ ਕਿ ਸਕੂਲਾਂ ਵਿੱਚ ਆਧੁਨਿਕ ਸਹੂਲਤਾਂ ਦਿੱਤੀਆਂ ਜਾ ਰਹੀਆਂ ਹਨ। ਕੈਬਨਿਟ ਮੰਤਰੀ ਨੇ ਸਕੂਲ ਨੂੰ 500 ਤੋਂ ਵੱਧ ਅਧਿਆਪਕਾਂ ਦੀ ਭਰਤੀ ਸਬੰਧੀ ਜਾਣਕਾਰੀ ਦਿੱਤੀ ਅਤੇ ਸਿੱਖਿਆ ਵਿਭਾਗ ਦੀਆਂ ਸਕੀਮਾਂ ਬਾਰੇ ਦੱਸਿਆ।
ਅਧਿਆਪਕਾਂ ਵਾਲੀ ਪੰਜਾਬ ਸਰਕਾਰ ਦੀ ਇਕ ਵਿਸ਼ੇਸ਼ ਪਹਿਲ ਹੈ ਜਿਸ ਦਾ ਉਦੇਸ਼ ਸਿੱਖਿਆ ਦੇ ਮਿਆਰ ਨੂੰ ਹੋਰ ਉੱਚਾ ਚੁੱਕਣਾ ਹੈ। ਉਨ੍ਹਾਂ ਨੇ ਵਿਦਿਆਰਥੀਆਂ ਨੂੰ ਜ਼ਿੰਦਗੀ ਵਿੱਚ ਉੱਚੇ ਟੀਚੇ ਮਿੱਥਣ ਲਈ ਪ੍ਰੇਰਿਤ ਕੀਤਾ। ਇਸ ਮੌਕੇ ਪ੍ਰਿੰਸੀਪਲ ਸ੍ਰੀਮਤੀ ਰਸ਼ਮਿੰਦਰ ਕੌਰ ਅਤੇ ਸਕੂਲ ਸਟਾਫ਼ ਹਾਜ਼ਰ ਸੀ।
ਵੈਟਨਰੀ ਯੂਨੀਵਰਸਿਟੀ ਦੇ ਵਿਗਿਆਨੀਆਂ ਨੂੰ ਮਿਲੀ ਕੌਮੀ ਪੱਧਰ 'ਤੇ ਪਛਾਣ
ਲੁਧਿਆਣਾ 22 ਅਕਤੂਬਰ (ਪੈਗਾਮ-ਏ-ਜਗਤ)
ਗੁਰੂ ਅੰਗਦ ਦੇਵ ਵੈਟਨਰੀ ਅਤੇ ਐਨੀਮਲ ਸਾਇੰਸਿਜ਼ ਯੂਨੀਵਰਸਿਟੀ, ਲੁਧਿਆਣਾ ਦੇ ਪਸ਼ੂਧਨ ਉਤਪਾਦ ਤਕਨਾਲੋਜੀ ਵਿਭਾਗ ਦੇ ਪੋਸਟ ਗ੍ਰੈਜੂਏਟ ਵਿਦਿਆਰਥੀਆਂ ਅਤੇ ਅਧਿਆਪਕਾਂ ਨੇ 39ਵੀਂ ਇੰਡੀਅਨ ਪੋਲਟਰੀ ਸਾਇੰਸ ਐਸੋਸੀਏਸ਼ਨ ਕਾਨਫ਼ਰੰਸ ਅਤੇ ਰਾਸ਼ਟਰੀ ਸਿੰਪੋਜ਼ੀਅਮ ਵਿੱਚ ਹਿੱਸਾ ਲੈ ਕੇ ਵਿਸ਼ੇਸ਼ ਸਨਮਾਨ ਪ੍ਰਾਪਤ ਕੀਤਾ।
ਨੇ ਕਿ ਤਕਨੀਕੀ ਸੈਸ਼ਨ ਵਿੱਚ ਰਿਪੋਰਟੀਅਰ ਵਜੋਂ ਵੀ ਯੋਗਦਾਨ ਦਿੱਤਾ। ਡਾ. ਨਿਤਿਨ ਮਹਿਤਾ ਨੇ ਇਸ ਬਾਰੇ ਵਿਚਾਰ ਸਾਂਝੇ ਕੀਤੇ। ਡਾ. ਯਸ਼ਪਾਲ ਸਿੰਘ, ਡਾਇਰੈਕਟਰ ਖੋਜ ਨੇ ਇਸ ਪ੍ਰਾਪਤੀ ਤੇ
ਲਈ ਅਸੀਂ ਲਗਾਤਾਰ ਯਤਨਸ਼ੀਲ ਹਾਂ। ਡਾ. ਸੰਜੀਵ ਕੁਮਾਰ ਉੱਪਲ, ਡੀਨ ਪੋਸਟ ਗ੍ਰੈਜੂਏਟ ਸਟੱਡੀਜ਼ ਨੇ ਵੀ ਵਿਦਿਆਰਥੀਆਂ ਅਤੇ ਅਧਿਆਪਕਾਂ ਨੂੰ ਪ੍ਰਸ਼ੰਸਾ ਦਿੱਤੀ ਅਤੇ ਉਨ੍ਹਾਂ ਦੇ ਖੋਜ ਕਾਰਜਾਂ ਦੀ ਸ਼ਲਾਘਾ ਕੀਤੀ।
ਡਾ. ਰਾਜੇਸ਼ ਵੀ ਵਾਘ ਨੂੰ ਮੁਰਗੀ ਦੇ ਗੁਣਵੱਤਾ ਉਤਪਾਦਾਂ ਬਾਰੇ ਖੋਜ ਲਈ ਸਰਵੋਤਮ ਪੇਸ਼ਕਾਰੀ ਪੁਰਸਕਾਰ ਪ੍ਰਾਪਤ ਹੋਇਆ। ਡਾ. ਸਰਵਪ੍ਰੀਤ ਸਿੰਘ ਘੁੰਮਣ, ਡਾ. ਸੁਰੇਸ਼ ਕੁਮਾਰ ਅਤੇ ਹੋਰ ਵਿਗਿਆਨੀਆਂ ਨੂੰ ਵੀ ਵੱਖ-ਵੱਖ ਸ਼੍ਰੇਣੀਆਂ ਵਿੱਚ ਐਵਾਰਡ ਪ੍ਰਾਪਤ ਹੋਏ।
ਪਾ ਕੇ ਰਾਸ਼ਟਰੀ ਪੱਧਰ 'ਤੇ ਨਾਮ ਵਿਭਾਗ ਨੂੰ ਸਨਮਾਨ ਪ੍ਰਾਪਤ ਕਰਨ ਲਈ ਡਾ. ਜਤਿੰਦਰ ਪਾਲ ਸਿੰਘ ਗਿੱਲ, ਉਪ-ਕੁਲਪਤੀ ਨੇ ਸਮੁੱਚੀ ਟੀਮ ਨੂੰ ਵਧਾਈ ਦਿੱਤੀ ਅਤੇ ਕਿਹਾ ਕਿ ਯੂਨੀਵਰਸਿਟੀ ਦੇ ਵਿਗਿਆਨੀ ਲਗਾਤਾਰ ਨਵੇਂ ਮੁਕਾਮ ਹਾਸਲ ਕਰ ਰਹੇ ਹਨ।
ਪ੍ਰਧਾਨ ਅਤੇ ਜਿਊਰੀ ਮੈਂਬਰ ਦਾ ਯੋਗਦਾਨ ਵੀ ਸਲਾਹੁਣਯੋਗ ਰਿਹਾ। ਉਨ੍ਹਾਂ ਨੇ ਕਿਹਾ ਕਿ ਇਹ ਪ੍ਰਾਪਤੀ ਯੂਨੀਵਰਸਿਟੀ ਲਈ ਮਾਣ ਵਾਲੀ ਗੱਲ ਹੈ ਅਤੇ ਇਸ ਨਾਲ ਹੋਰਨਾਂ ਨੂੰ ਵੀ ਪ੍ਰੇਰਨਾ ਮਿਲੇਗੀ।
ਜ਼ਿਲ੍ਹਾ ਸਮਾਜਿਕ ਸੁਰੱਖਿਆ ਦਫਤਰ ਵੱਲੋਂ ਜ਼ਿਲ੍ਹਾ ਪ੍ਰਬੰਧਕੀ ਕੰਪਲੈਕਸ ਵਿਖੇ ਅੱਜ ਇੰਟਰਨੈਸ਼ਨਲ ਡੇ ਆਫ ਸਾਈਨ ਲੈਂਗੂਏਜ ਮਨਾਇਆ
ਸਾਹਿਬਜ਼ਾਦਾ ਅਜੀਤ ਸਿੰਘ ਨਗਰ 22 ਅਕਤੂਬਰ (ਪੈਗਾਮ-ਏ-ਜਗਤ)
ਜ਼ਿਲ੍ਹਾ ਸਮਾਜਿਕ ਸੁਰੱਖਿਆ ਅਫ਼ਸਰ ਵੱਲੋਂ ਇੰਟਰਨੈਸ਼ਨਲ ਡੇ ਆਫ ਸਾਈਨ ਲੈਂਗੂਏਜ ਪ੍ਰੋਗਰਾਮ ਕਰਵਾਇਆ ਗਿਆ, ਜਿਸ ਵਿੱਚ ਸੁਣਨ ਅਤੇ ਬੋਲਣ ਤੋਂ ਅਸਮਰੱਥ ਬੱਚਿਆਂ ਨੇ ਸਾਈਨ ਲੈਂਗੂਏਜ ਰਾਹੀਂ ਵੱਖ-ਵੱਖ ਗਤੀਵਿਧੀਆਂ ਪੇਸ਼ ਕੀਤੀਆਂ।
ਸ਼ਬਦ ਕੀਰਤਨ ਅਤੇ ਹੋਰ ਗਤੀਵਿਧੀਆਂ ਰਾਹੀਂ ਬੱਚਿਆਂ ਨੇ ਆਪਣੀ ਪ੍ਰਤਿਭਾ ਦਾ ਪ੍ਰਦਰਸ਼ਨ ਕੀਤਾ ਅਤੇ ਹਾਜ਼ਰੀਨ ਦਾ ਮਨ ਮੋਹ ਲਿਆ।
ਕੀਤੀਆਂ ਗਈਆਂ। ਇਸ ਪ੍ਰੋਗਰਾਮ ਦੌਰਾਨ ਸ੍ਰੀਮਤੀ ਵਰਿੰਦਰ ਕੌਰ ਅਤੇ ਸਟਾਫ਼ ਵੱਲੋਂ ਸੁਆਗਤ ਕੀਤਾ ਗਿਆ। ਇਸ ਪ੍ਰੋਗਰਾਮ ਵਿੱਚ ਜ਼ਿਲ੍ਹਾ ਪੱਧਰ ਦੇ ਅਧਿਕਾਰੀਆਂ ਨੇ ਵੀ ਭਾਗ ਲਿਆ ਅਤੇ ਬੱਚਿਆਂ ਨੂੰ ਸਨਮਾਨਿਤ ਕੀਤਾ ਗਿਆ।
